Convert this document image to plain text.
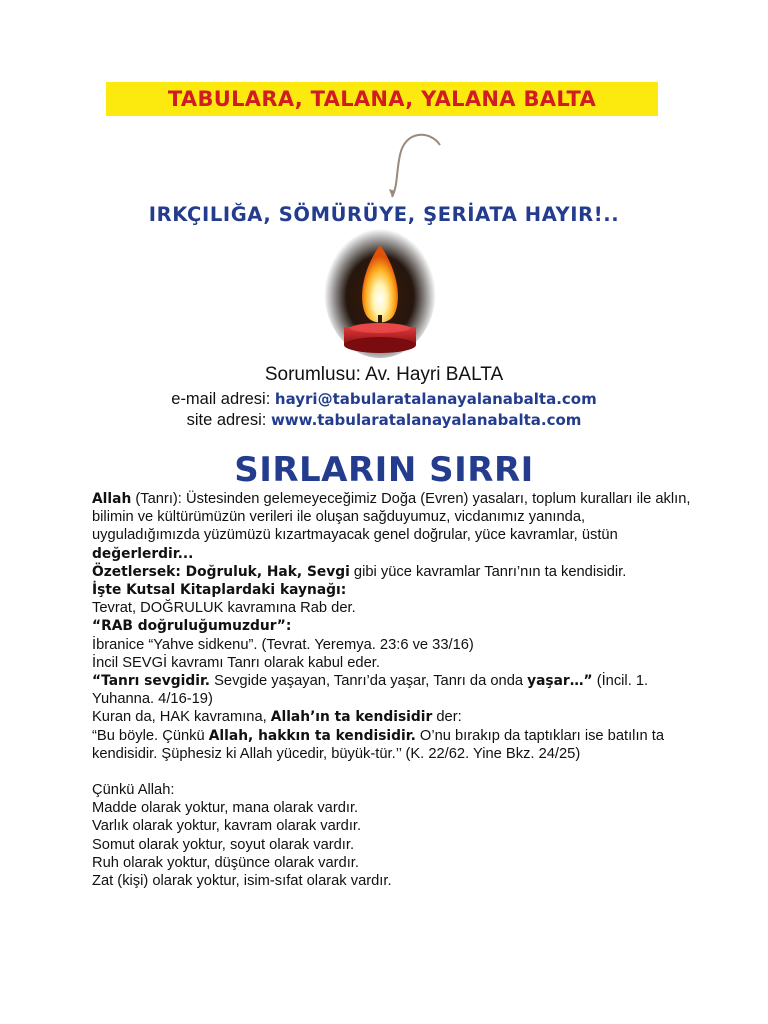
TABULARA, TALANA, YALANA BALTA
IRKÇILIĞA, SÖMÜRÜYE, ŞERİATA HAYIR!..
Sorumlusu: Av. Hayri BALTA
e-mail adresi: hayri@tabularatalanayalanabalta.com
site adresi: www.tabularatalanayalanabalta.com
SIRLARIN SIRRI

Allah (Tanrı): Üstesinden gelemeyeceğimiz Doğa (Evren) yasaları, toplum kuralları ile aklın, bilimin ve kültürümüzün verileri ile oluşan sağduyumuz, vicdanımız yanında, uyguladığımızda yüzümüzü kızartmayacak genel doğrular, yüce kavramlar, üstün değerlerdir...

Özetlersek: Doğruluk, Hak, Sevgi gibi yüce kavramlar Tanrı’nın ta kendisidir.

İşte Kutsal Kitaplardaki kaynağı:

Tevrat, DOĞRULUK kavramına Rab der.

“RAB doğruluğumuzdur”:

İbranice “Yahve sidkenu”. (Tevrat. Yeremya. 23:6 ve 33/16)

İncil SEVGİ kavramı Tanrı olarak kabul eder.

“Tanrı sevgidir. Sevgide yaşayan, Tanrı’da yaşar, Tanrı da onda yaşar…” (İncil. 1. Yuhanna. 4/16-19)

Kuran da, HAK kavramına, Allah’ın ta kendisidir der:

“Bu böyle. Çünkü Allah, hakkın ta kendisidir. O’nu bırakıp da taptıkları ise batılın ta kendisidir. Şüphesiz ki Allah yücedir, büyük-tür.’’ (K. 22/62. Yine Bkz. 24/25)

Çünkü Allah:

Madde olarak yoktur, mana olarak vardır.

Varlık olarak yoktur, kavram olarak vardır.

Somut olarak yoktur, soyut olarak vardır.

Ruh olarak yoktur, düşünce olarak vardır.

Zat (kişi) olarak yoktur, isim-sıfat olarak vardır.
